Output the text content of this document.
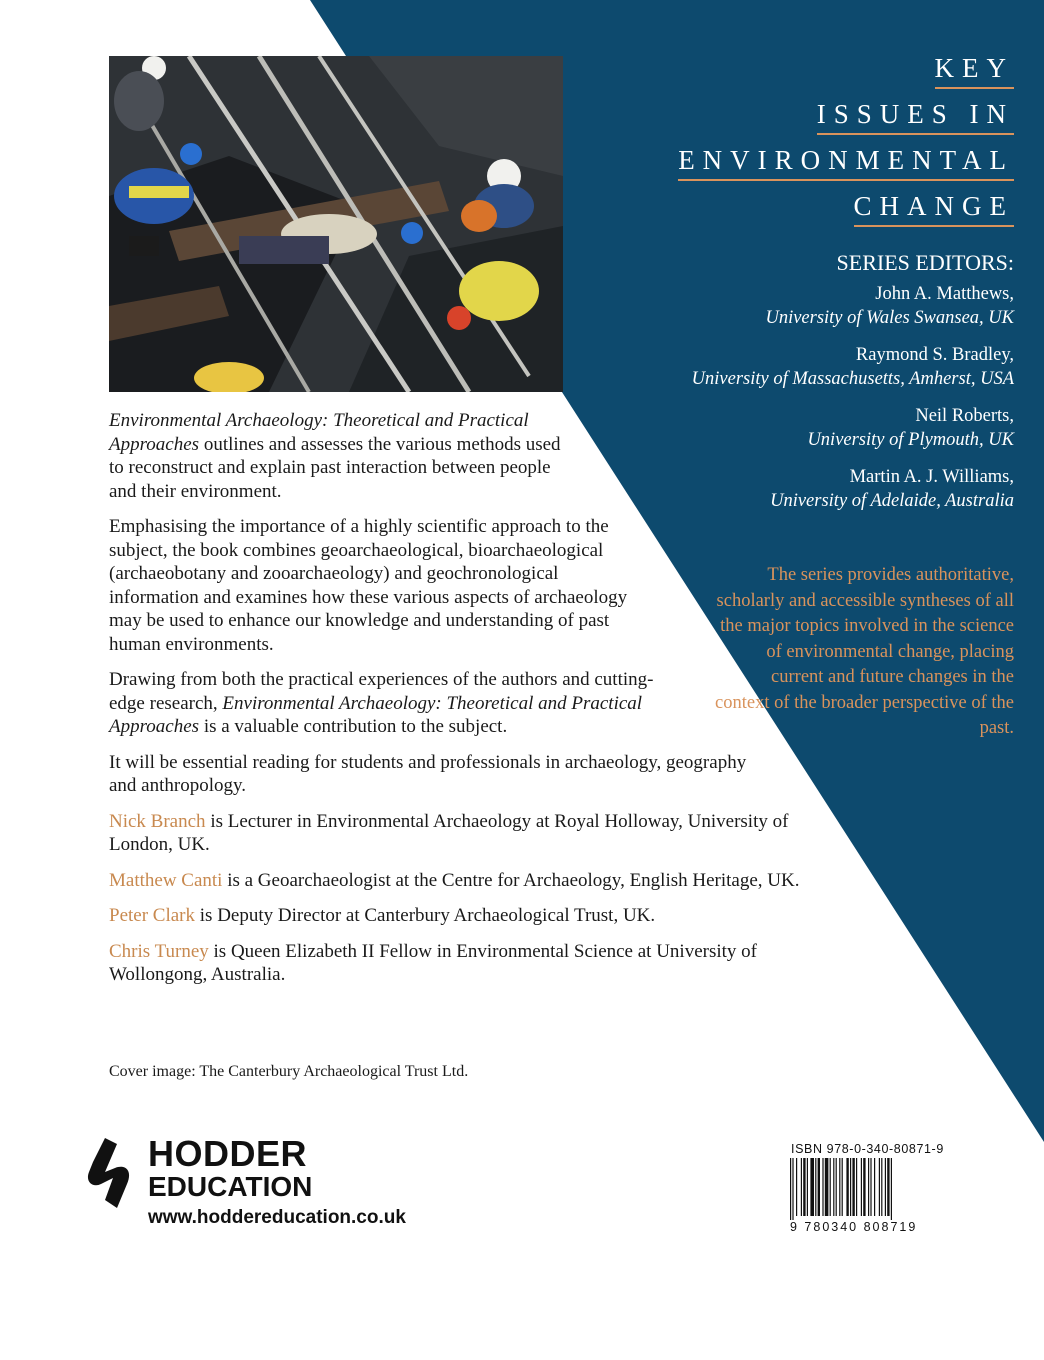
KEY
ISSUES IN
ENVIRONMENTAL
CHANGE
SERIES EDITORS:
John A. Matthews,
University of Wales Swansea, UK
Raymond S. Bradley,
University of Massachusetts, Amherst, USA
Neil Roberts,
University of Plymouth, UK
Martin A. J. Williams,
University of Adelaide, Australia
The series provides authoritative, scholarly and accessible syntheses of all the major topics involved in the science of environmental change, placing current and future changes in the context of the broader perspective of the past.

Environmental Archaeology: Theoretical and Practical Approaches outlines and assesses the various methods used to reconstruct and explain past interaction between people and their environment.

Emphasising the importance of a highly scientific approach to the subject, the book combines geoarchaeological, bioarchaeological (archaeobotany and zooarchaeology) and geochronological information and examines how these various aspects of archaeology may be used to enhance our knowledge and understanding of past human environments.

Drawing from both the practical experiences of the authors and cutting-edge research, Environmental Archaeology: Theoretical and Practical Approaches is a valuable contribution to the subject.

It will be essential reading for students and professionals in archaeology, geography and anthropology.

Nick Branch is Lecturer in Environmental Archaeology at Royal Holloway, University of London, UK.

Matthew Canti is a Geoarchaeologist at the Centre for Archaeology, English Heritage, UK.

Peter Clark is Deputy Director at Canterbury Archaeological Trust, UK.

Chris Turney is Queen Elizabeth II Fellow in Environmental Science at University of Wollongong, Australia.

Cover image: The Canterbury Archaeological Trust Ltd.
HODDER
EDUCATION
www.hoddereducation.co.uk
ISBN 978-0-340-80871-9
9 780340 808719
